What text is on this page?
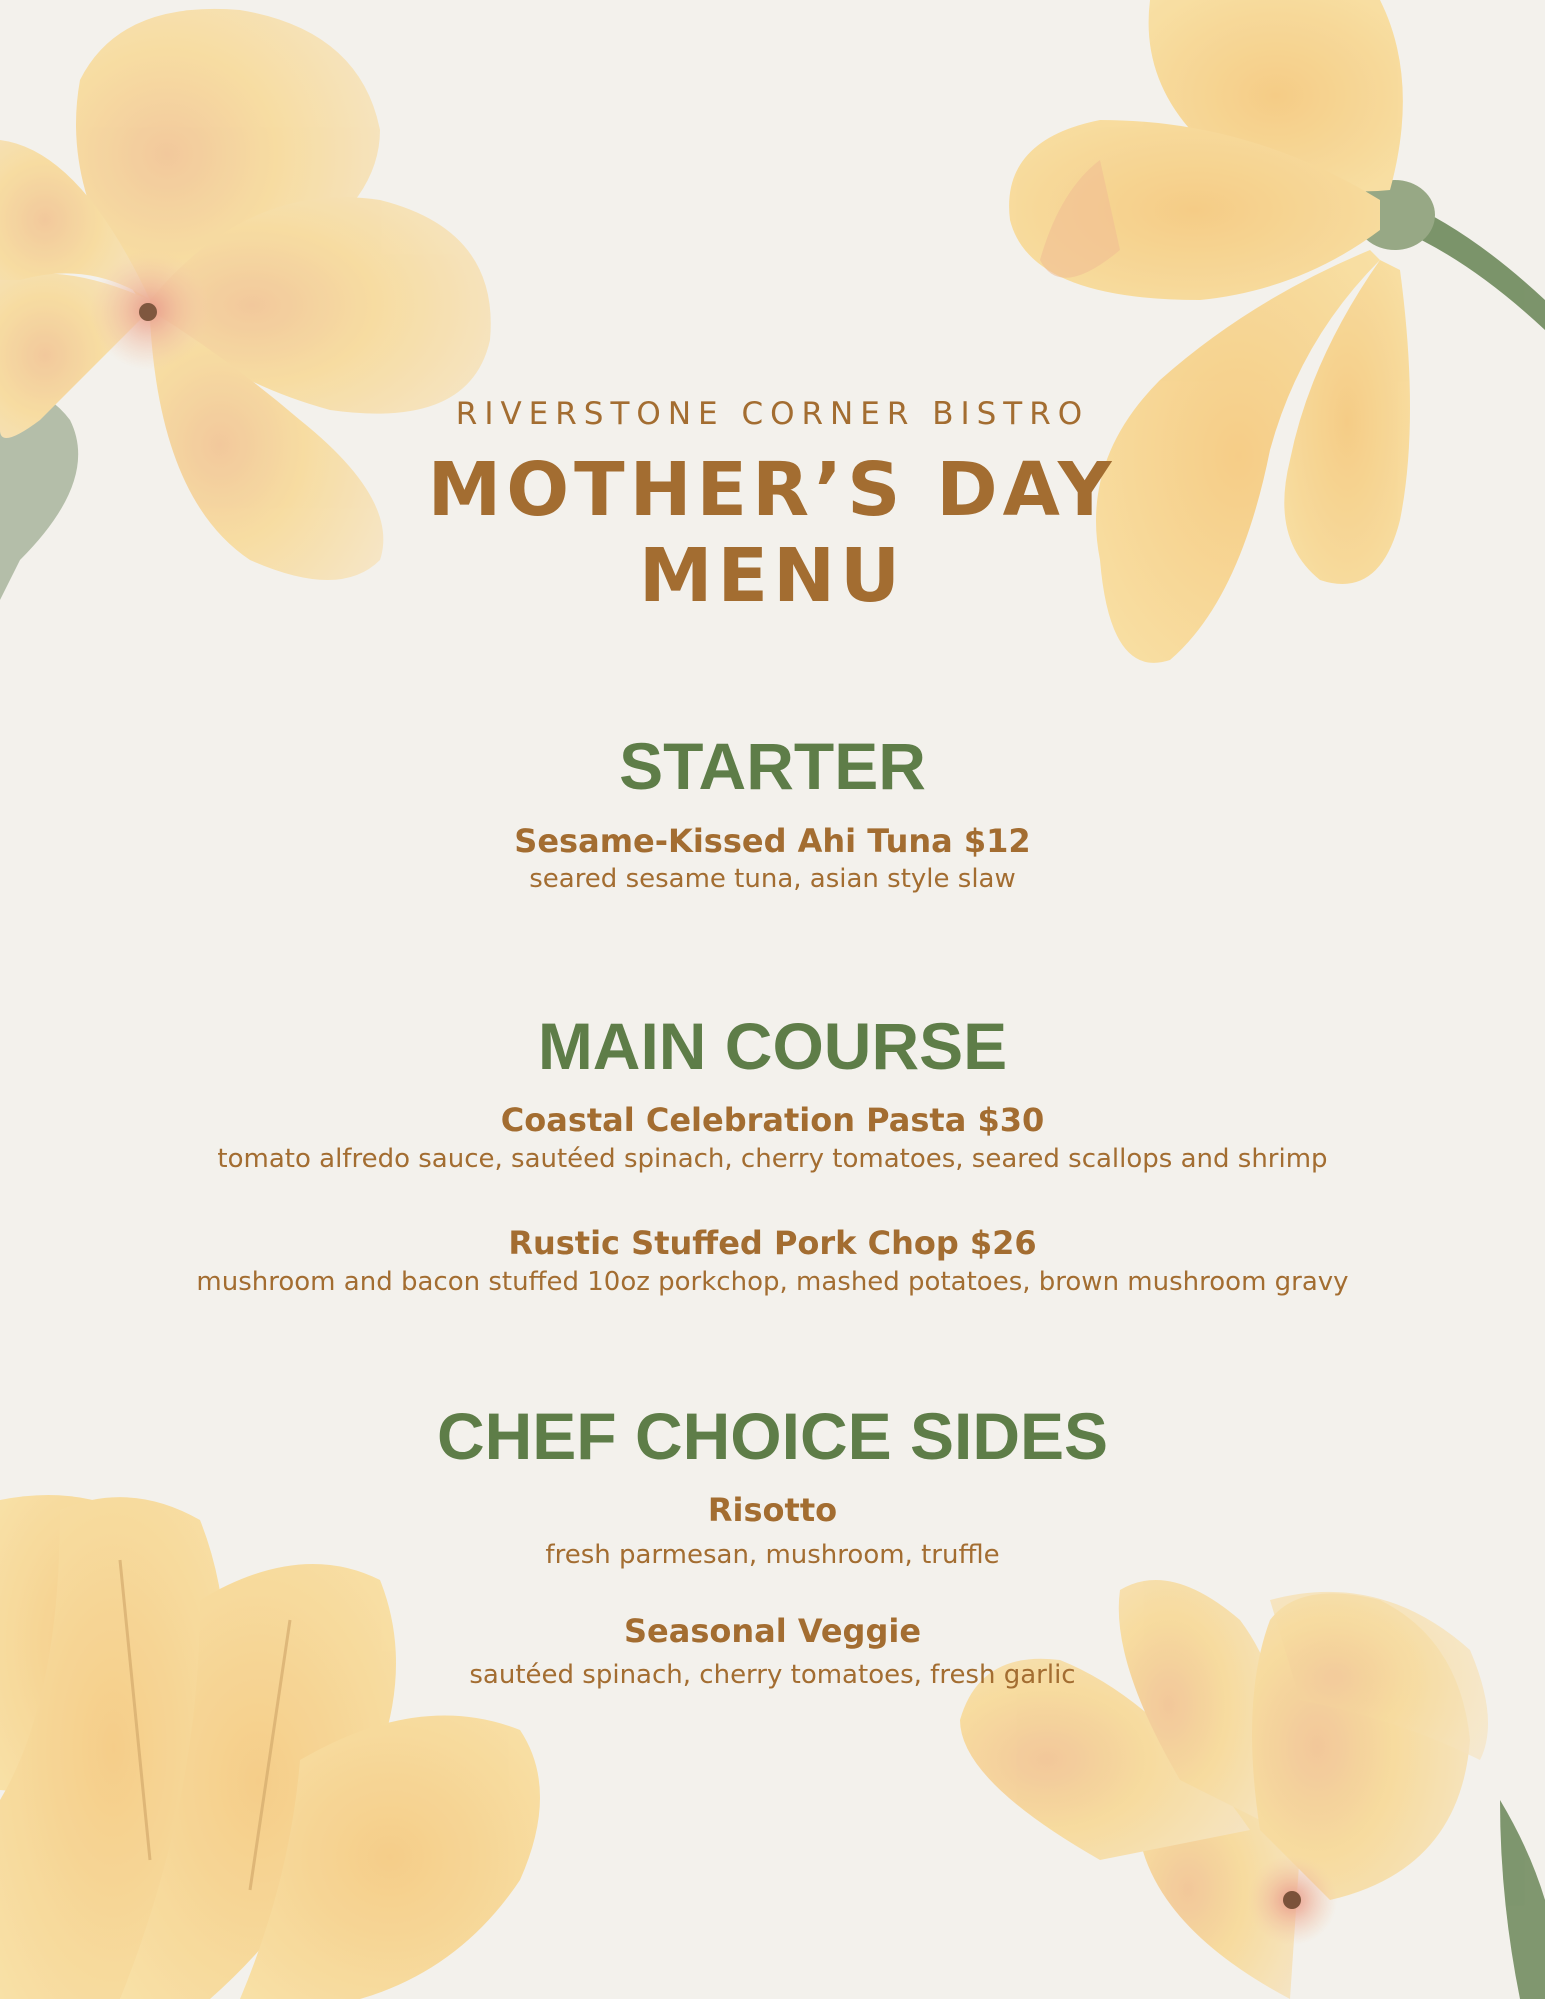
RIVERSTONE CORNER BISTRO
MOTHER’S DAY MENU
STARTER
Sesame-Kissed Ahi Tuna $12
seared sesame tuna, asian style slaw
MAIN COURSE
Coastal Celebration Pasta $30
tomato alfredo sauce, sautéed spinach, cherry tomatoes, seared scallops and shrimp
Rustic Stuffed Pork Chop $26
mushroom and bacon stuffed 10oz porkchop, mashed potatoes, brown mushroom gravy
CHEF CHOICE SIDES
Risotto
fresh parmesan, mushroom, truffle
Seasonal Veggie
sautéed spinach, cherry tomatoes, fresh garlic
